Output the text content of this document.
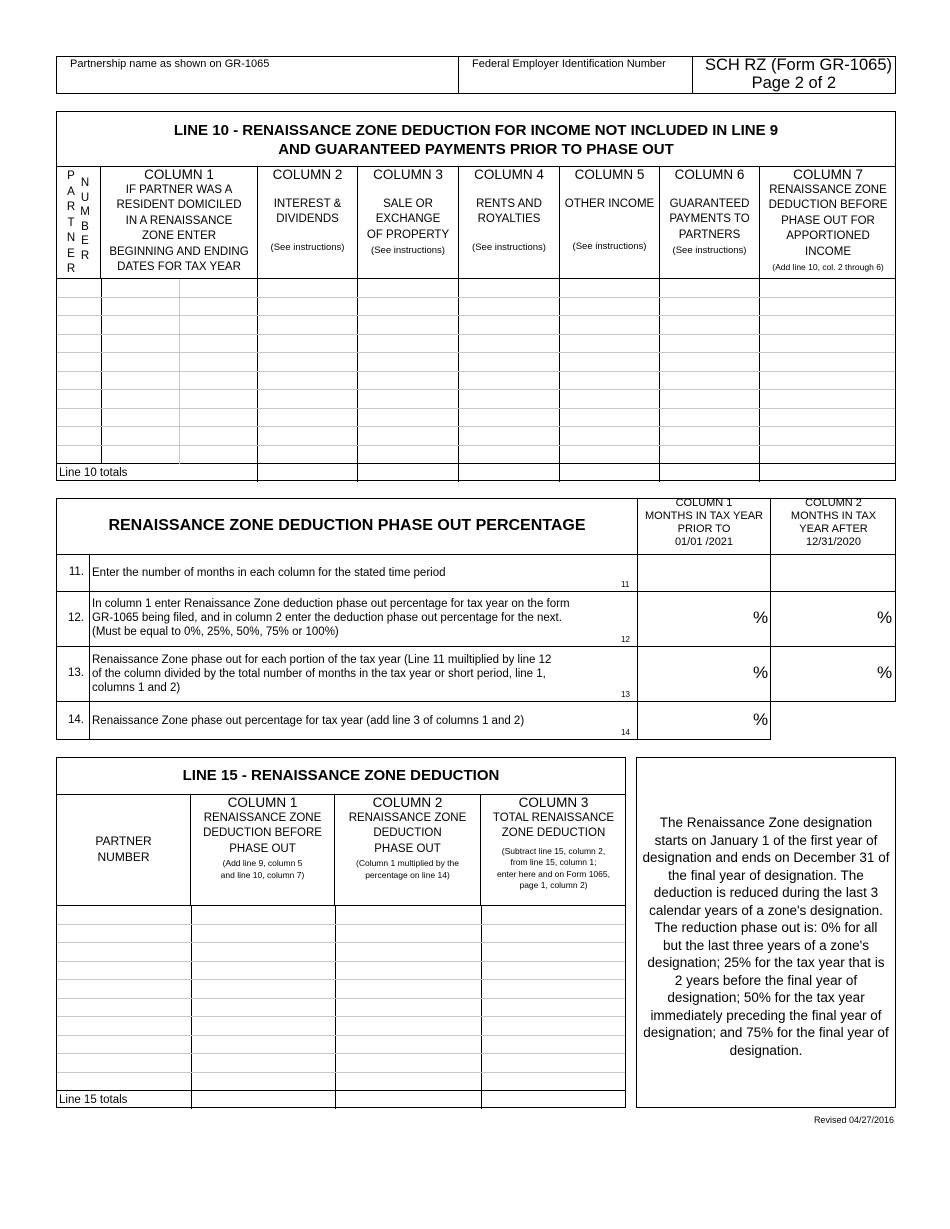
Partnership name as shown on GR-1065	Federal Employer Identification Number	SCH RZ (Form GR-1065)
Page 2 of 2
LINE 10 - RENAISSANCE ZONE DEDUCTION FOR INCOME NOT INCLUDED IN LINE 9
AND GUARANTEED PAYMENTS PRIOR TO PHASE OUT
P
A
R
T
N
E
R
N
U
M
B
E
R
COLUMN 1
IF PARTNER WAS A
RESIDENT DOMICILED
IN A RENAISSANCE
ZONE ENTER
BEGINNING AND ENDING
DATES FOR TAX YEAR
COLUMN 2
INTEREST &
DIVIDENDS
(See instructions)
COLUMN 3
SALE OR
EXCHANGE
OF PROPERTY
(See instructions)
COLUMN 4
RENTS AND
ROYALTIES
(See instructions)
COLUMN 5
OTHER INCOME
(See instructions)
COLUMN 6
GUARANTEED
PAYMENTS TO
PARTNERS
(See instructions)
COLUMN 7
RENAISSANCE ZONE
DEDUCTION BEFORE
PHASE OUT FOR
APPORTIONED
INCOME
(Add line 10, col. 2 through 6)

Line 10 totals								
RENAISSANCE ZONE DEDUCTION PHASE OUT PERCENTAGE
COLUMN 1
MONTHS IN TAX YEAR
PRIOR TO
01/01 /2021
COLUMN 2
MONTHS IN TAX
YEAR AFTER
12/31/2020
11. Enter the number of months in each column for the stated time period
11
12.
In column 1 enter Renaissance Zone deduction phase out percentage for tax year on the form
GR-1065 being filed, and in column 2 enter the deduction phase out percentage for the next.
(Must be equal to 0%, 25%, 50%, 75% or 100%)
12
%	%
13.
Renaissance Zone phase out for each portion of the tax year (Line 11 muiltiplied by line 12
of the column divided by the total number of months in the tax year or short period, line 1,
columns 1 and 2)
13
%	%
14. Renaissance Zone phase out percentage for tax year (add line 3 of columns 1 and 2)
14
%
LINE 15 - RENAISSANCE ZONE DEDUCTION
PARTNER
NUMBER
COLUMN 1
RENAISSANCE ZONE
DEDUCTION BEFORE
PHASE OUT
(Add line 9, column 5
and line 10, column 7)
COLUMN 2
RENAISSANCE ZONE
DEDUCTION
PHASE OUT
(Column 1 multiplied by the
percentage on line 14)
COLUMN 3
TOTAL RENAISSANCE
ZONE DEDUCTION
(Subtract line 15, column 2,
from line 15, column 1;
enter here and on Form 1065,
page 1, column 2)

Line 15 totals			
The Renaissance Zone designation
starts on January 1 of the first year of
designation and ends on December 31 of
the final year of designation. The
deduction is reduced during the last 3
calendar years of a zone's designation.
The reduction phase out is: 0% for all
but the last three years of a zone's
designation; 25% for the tax year that is
2 years before the final year of
designation; 50% for the tax year
immediately preceding the final year of
designation; and 75% for the final year of
designation.
Revised 04/27/2016
